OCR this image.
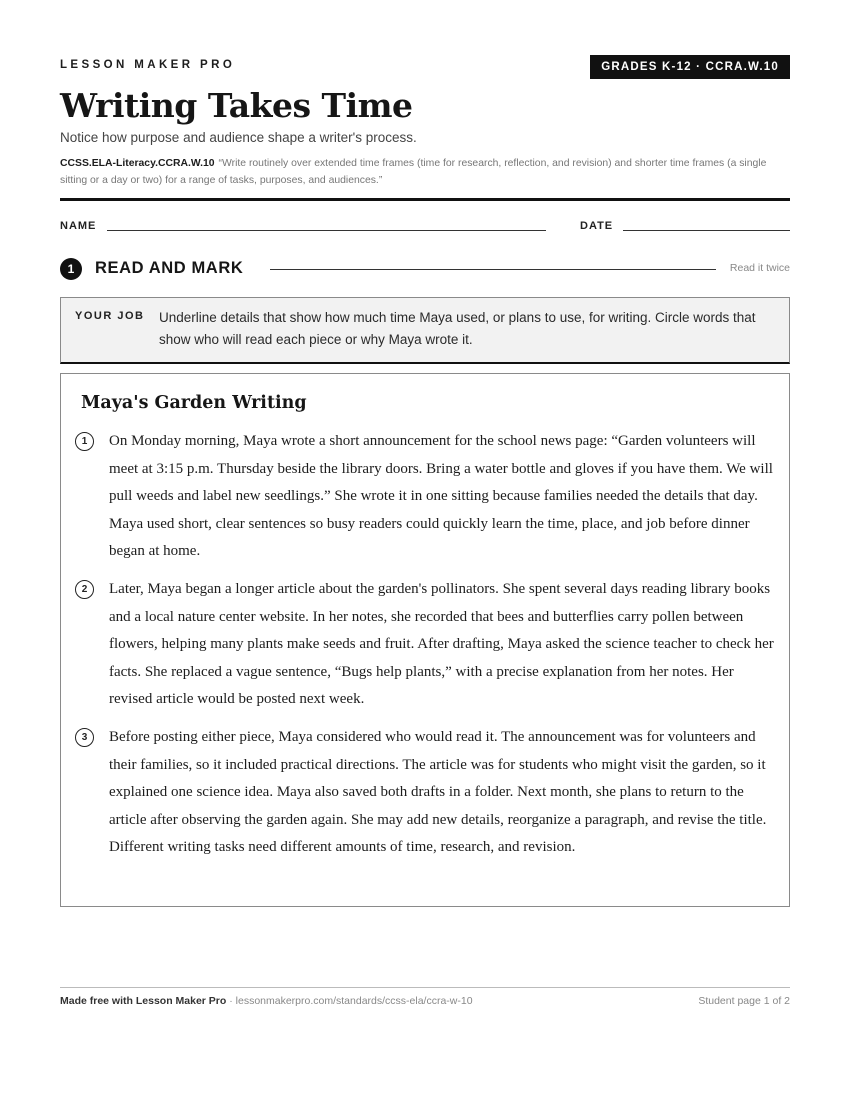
LESSON MAKER PRO	GRADES K-12 · CCRA.W.10
Writing Takes Time
Notice how purpose and audience shape a writer's process.
CCSS.ELA-Literacy.CCRA.W.10 “Write routinely over extended time frames (time for research, reflection, and revision) and shorter time frames (a single sitting or a day or two) for a range of tasks, purposes, and audiences.”
NAME	DATE
1	READ AND MARK	Read it twice
YOUR JOB Underline details that show how much time Maya used, or plans to use, for writing. Circle words that show who will read each piece or why Maya wrote it.
Maya's Garden Writing
1	On Monday morning, Maya wrote a short announcement for the school news page: “Garden volunteers will meet at 3:15 p.m. Thursday beside the library doors. Bring a water bottle and gloves if you have them. We will pull weeds and label new seedlings.” She wrote it in one sitting because families needed the details that day. Maya used short, clear sentences so busy readers could quickly learn the time, place, and job before dinner began at home.
2	Later, Maya began a longer article about the garden's pollinators. She spent several days reading library books and a local nature center website. In her notes, she recorded that bees and butterflies carry pollen between flowers, helping many plants make seeds and fruit. After drafting, Maya asked the science teacher to check her facts. She replaced a vague sentence, “Bugs help plants,” with a precise explanation from her notes. Her revised article would be posted next week.
3	Before posting either piece, Maya considered who would read it. The announcement was for volunteers and their families, so it included practical directions. The article was for students who might visit the garden, so it explained one science idea. Maya also saved both drafts in a folder. Next month, she plans to return to the article after observing the garden again. She may add new details, reorganize a paragraph, and revise the title. Different writing tasks need different amounts of time, research, and revision.
Made free with Lesson Maker Pro · lessonmakerpro.com/standards/ccss-ela/ccra-w-10	Student page 1 of 2
